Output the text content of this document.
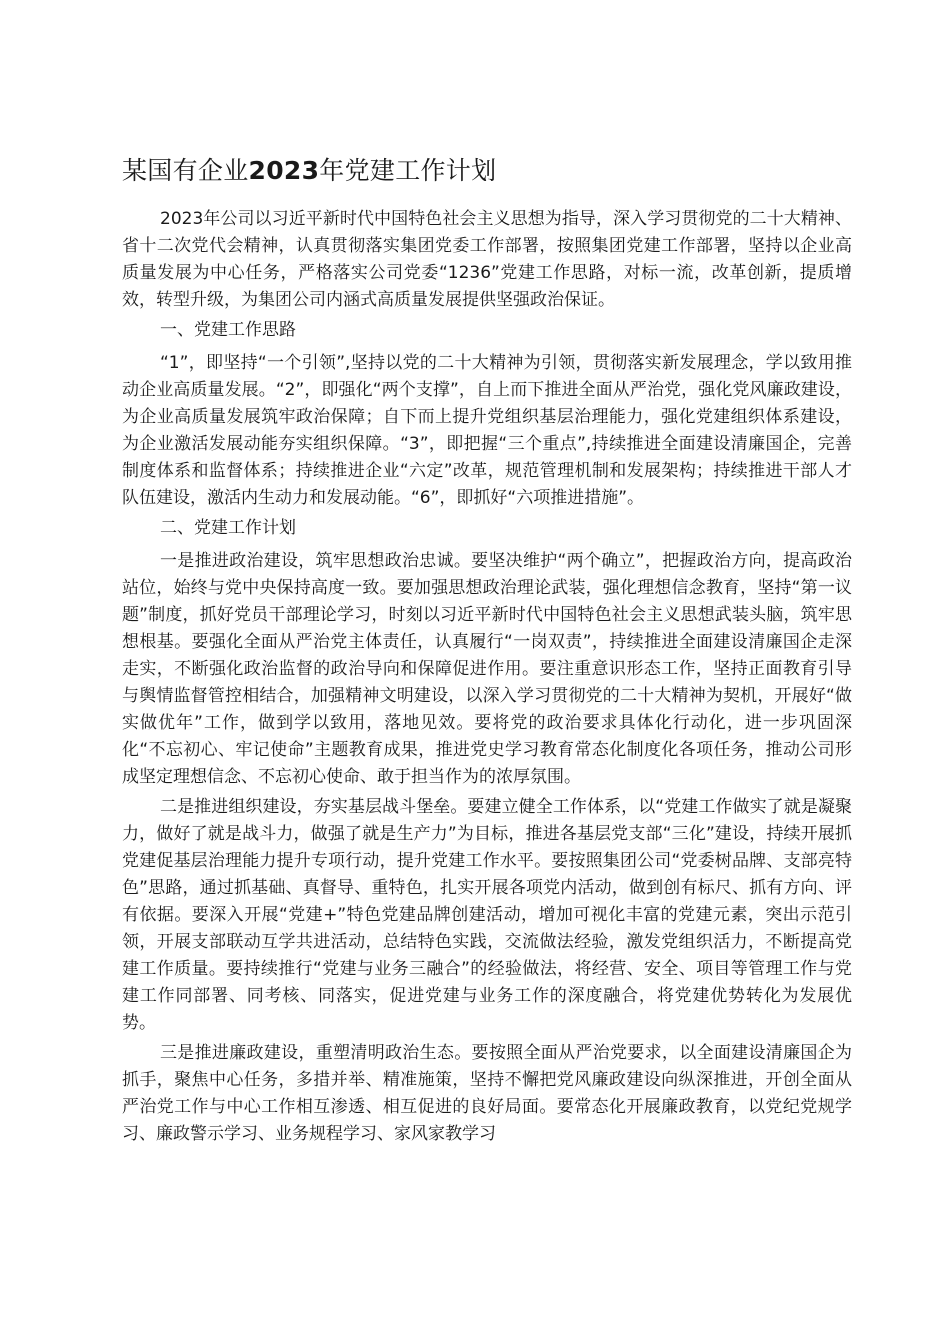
某国有企业2023年党建工作计划

2023年公司以习近平新时代中国特色社会主义思想为指导，深入学习贯彻党的二十大精神、省十二次党代会精神，认真贯彻落实集团党委工作部署，按照集团党建工作部署，坚持以企业高质量发展为中心任务，严格落实公司党委“1236”党建工作思路，对标一流，改革创新，提质增效，转型升级，为集团公司内涵式高质量发展提供坚强政治保证。

一、党建工作思路

“1”，即坚持“一个引领”,坚持以党的二十大精神为引领，贯彻落实新发展理念，学以致用推动企业高质量发展。“2”，即强化“两个支撑”，自上而下推进全面从严治党，强化党风廉政建设，为企业高质量发展筑牢政治保障；自下而上提升党组织基层治理能力，强化党建组织体系建设，为企业激活发展动能夯实组织保障。“3”，即把握“三个重点”,持续推进全面建设清廉国企，完善制度体系和监督体系；持续推进企业“六定”改革，规范管理机制和发展架构；持续推进干部人才队伍建设，激活内生动力和发展动能。“6”，即抓好“六项推进措施”。

二、党建工作计划

一是推进政治建设，筑牢思想政治忠诚。要坚决维护“两个确立”，把握政治方向，提高政治站位，始终与党中央保持高度一致。要加强思想政治理论武装，强化理想信念教育，坚持“第一议题”制度，抓好党员干部理论学习，时刻以习近平新时代中国特色社会主义思想武装头脑，筑牢思想根基。要强化全面从严治党主体责任，认真履行“一岗双责”，持续推进全面建设清廉国企走深走实，不断强化政治监督的政治导向和保障促进作用。要注重意识形态工作，坚持正面教育引导与舆情监督管控相结合，加强精神文明建设，以深入学习贯彻党的二十大精神为契机，开展好“做实做优年”工作，做到学以致用，落地见效。要将党的政治要求具体化行动化，进一步巩固深化“不忘初心、牢记使命”主题教育成果，推进党史学习教育常态化制度化各项任务，推动公司形成坚定理想信念、不忘初心使命、敢于担当作为的浓厚氛围。

二是推进组织建设，夯实基层战斗堡垒。要建立健全工作体系，以“党建工作做实了就是凝聚力，做好了就是战斗力，做强了就是生产力”为目标，推进各基层党支部“三化”建设，持续开展抓党建促基层治理能力提升专项行动，提升党建工作水平。要按照集团公司“党委树品牌、支部亮特色”思路，通过抓基础、真督导、重特色，扎实开展各项党内活动，做到创有标尺、抓有方向、评有依据。要深入开展“党建+”特色党建品牌创建活动，增加可视化丰富的党建元素，突出示范引领，开展支部联动互学共进活动，总结特色实践，交流做法经验，激发党组织活力，不断提高党建工作质量。要持续推行“党建与业务三融合”的经验做法，将经营、安全、项目等管理工作与党建工作同部署、同考核、同落实，促进党建与业务工作的深度融合，将党建优势转化为发展优势。

三是推进廉政建设，重塑清明政治生态。要按照全面从严治党要求，以全面建设清廉国企为抓手，聚焦中心任务，多措并举、精准施策，坚持不懈把党风廉政建设向纵深推进，开创全面从严治党工作与中心工作相互渗透、相互促进的良好局面。要常态化开展廉政教育，以党纪党规学习、廉政警示学习、业务规程学习、家风家教学习
